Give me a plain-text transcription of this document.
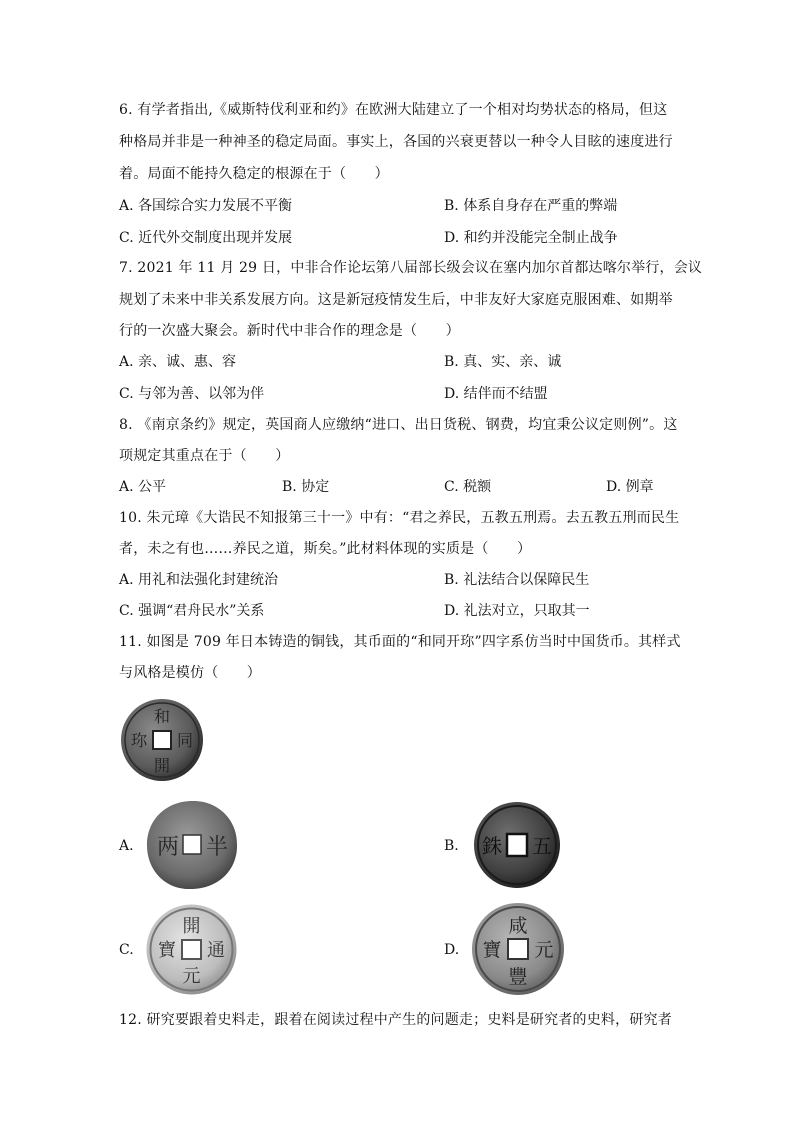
6. 有学者指出,《威斯特伐利亚和约》在欧洲大陆建立了一个相对均势状态的格局，但这
种格局并非是一种神圣的稳定局面。事实上，各国的兴衰更替以一种令人目眩的速度进行
着。局面不能持久稳定的根源在于（　　）
A. 各国综合实力发展不平衡	B. 体系自身存在严重的弊端
C. 近代外交制度出现并发展	D. 和约并没能完全制止战争
7. 2021 年 11 月 29 日，中非合作论坛第八届部长级会议在塞内加尔首都达喀尔举行，会议
规划了未来中非关系发展方向。这是新冠疫情发生后，中非友好大家庭克服困难、如期举
行的一次盛大聚会。新时代中非合作的理念是（　　）
A. 亲、诚、惠、容	B. 真、实、亲、诚
C. 与邻为善、以邻为伴	D. 结伴而不结盟
8. 《南京条约》规定，英国商人应缴纳“进口、出日货税、钢费，均宜秉公议定则例”。这
项规定其重点在于（　　）
A. 公平	B. 协定	C. 税额	D. 例章
10. 朱元璋《大诰民不知报第三十一》中有：“君之养民，五教五刑焉。去五教五刑而民生
者，未之有也……养民之道，斯矣。”此材料体现的实质是（　　）
A. 用礼和法强化封建统治	B. 礼法结合以保障民生
C. 强调“君舟民水”关系	D. 礼法对立，只取其一
11. 如图是 709 年日本铸造的铜钱，其币面的“和同开珎”四字系仿当时中国货币。其样式
与风格是模仿（　　）
和
同
開
珎
A. 两 半	B. 銖 五
C.
開
元
通
寶	D.
咸
豐
元
寶
12. 研究要跟着史料走，跟着在阅读过程中产生的问题走；史料是研究者的史料，研究者
